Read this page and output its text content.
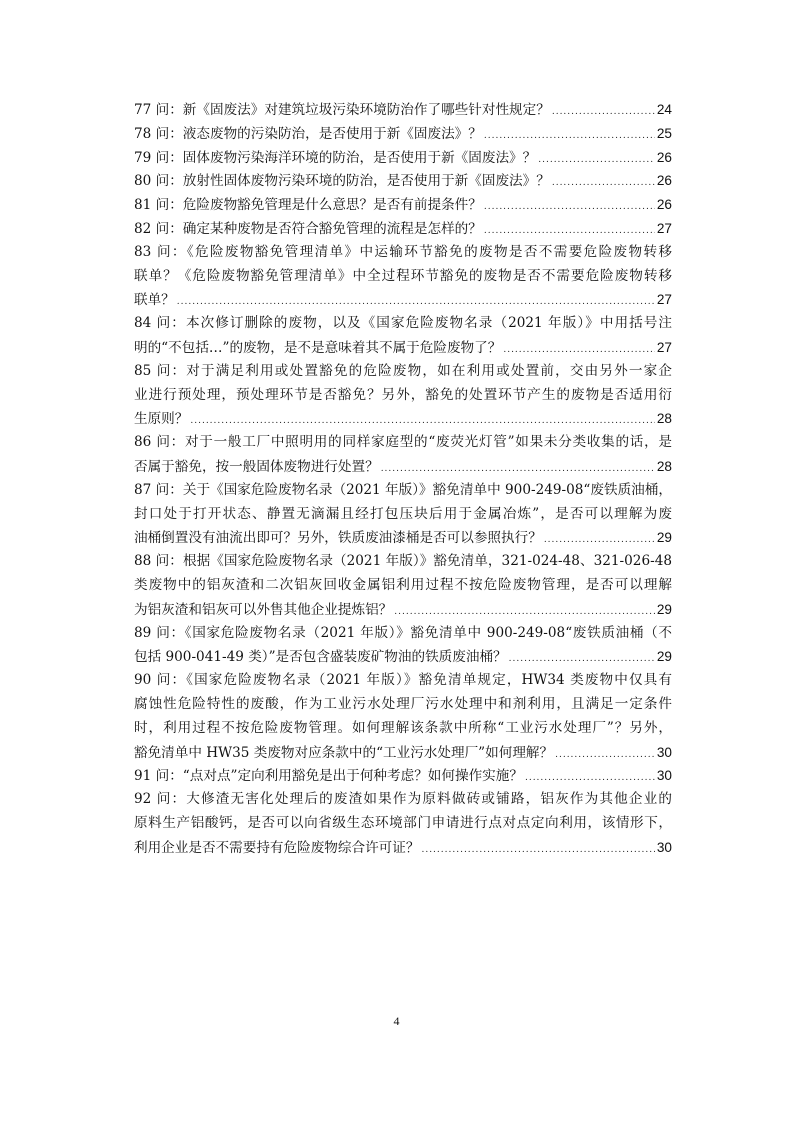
77 问：新《固废法》对建筑垃圾污染环境防治作了哪些针对性规定？ .....	24
78 问：液态废物的污染防治，是否使用于新《固废法》？ .....	25
79 问：固体废物污染海洋环境的防治，是否使用于新《固废法》？ .....	26
80 问：放射性固体废物污染环境的防治，是否使用于新《固废法》？ .....	26
81 问：危险废物豁免管理是什么意思？是否有前提条件？ .....	26
82 问：确定某种废物是否符合豁免管理的流程是怎样的？ .....	27
83 问：《危险废物豁免管理清单》中运输环节豁免的废物是否不需要危险废物转移
联单？《危险废物豁免管理清单》中全过程环节豁免的废物是否不需要危险废物转移
联单？ .....	27
84 问：本次修订删除的废物，以及《国家危险废物名录（2021 年版）》中用括号注
明的“不包括…”的废物，是不是意味着其不属于危险废物了？ .....	27
85 问：对于满足利用或处置豁免的危险废物，如在利用或处置前，交由另外一家企
业进行预处理，预处理环节是否豁免？另外，豁免的处置环节产生的废物是否适用衍
生原则？ .....	28
86 问：对于一般工厂中照明用的同样家庭型的“废荧光灯管”如果未分类收集的话，是
否属于豁免，按一般固体废物进行处置？ .....	28
87 问：关于《国家危险废物名录（2021 年版）》豁免清单中 900-249-08“废铁质油桶，
封口处于打开状态、静置无滴漏且经打包压块后用于金属冶炼”，是否可以理解为废
油桶倒置没有油流出即可？另外，铁质废油漆桶是否可以参照执行？ .....	29
88 问：根据《国家危险废物名录（2021 年版）》豁免清单，321-024-48、321-026-48
类废物中的铝灰渣和二次铝灰回收金属铝利用过程不按危险废物管理，是否可以理解
为铝灰渣和铝灰可以外售其他企业提炼铝？ .....	29
89 问：《国家危险废物名录（2021 年版）》豁免清单中 900-249-08“废铁质油桶（不
包括 900-041-49 类）”是否包含盛装废矿物油的铁质废油桶？ .....	29
90 问：《国家危险废物名录（2021 年版）》豁免清单规定，HW34 类废物中仅具有
腐蚀性危险特性的废酸，作为工业污水处理厂污水处理中和剂利用，且满足一定条件
时，利用过程不按危险废物管理。如何理解该条款中所称“工业污水处理厂”？另外，
豁免清单中 HW35 类废物对应条款中的“工业污水处理厂”如何理解？ .....	30
91 问：“点对点”定向利用豁免是出于何种考虑？如何操作实施？ .....	30
92 问：大修渣无害化处理后的废渣如果作为原料做砖或铺路，铝灰作为其他企业的
原料生产铝酸钙，是否可以向省级生态环境部门申请进行点对点定向利用，该情形下，
利用企业是否不需要持有危险废物综合许可证？ .....	30
4
